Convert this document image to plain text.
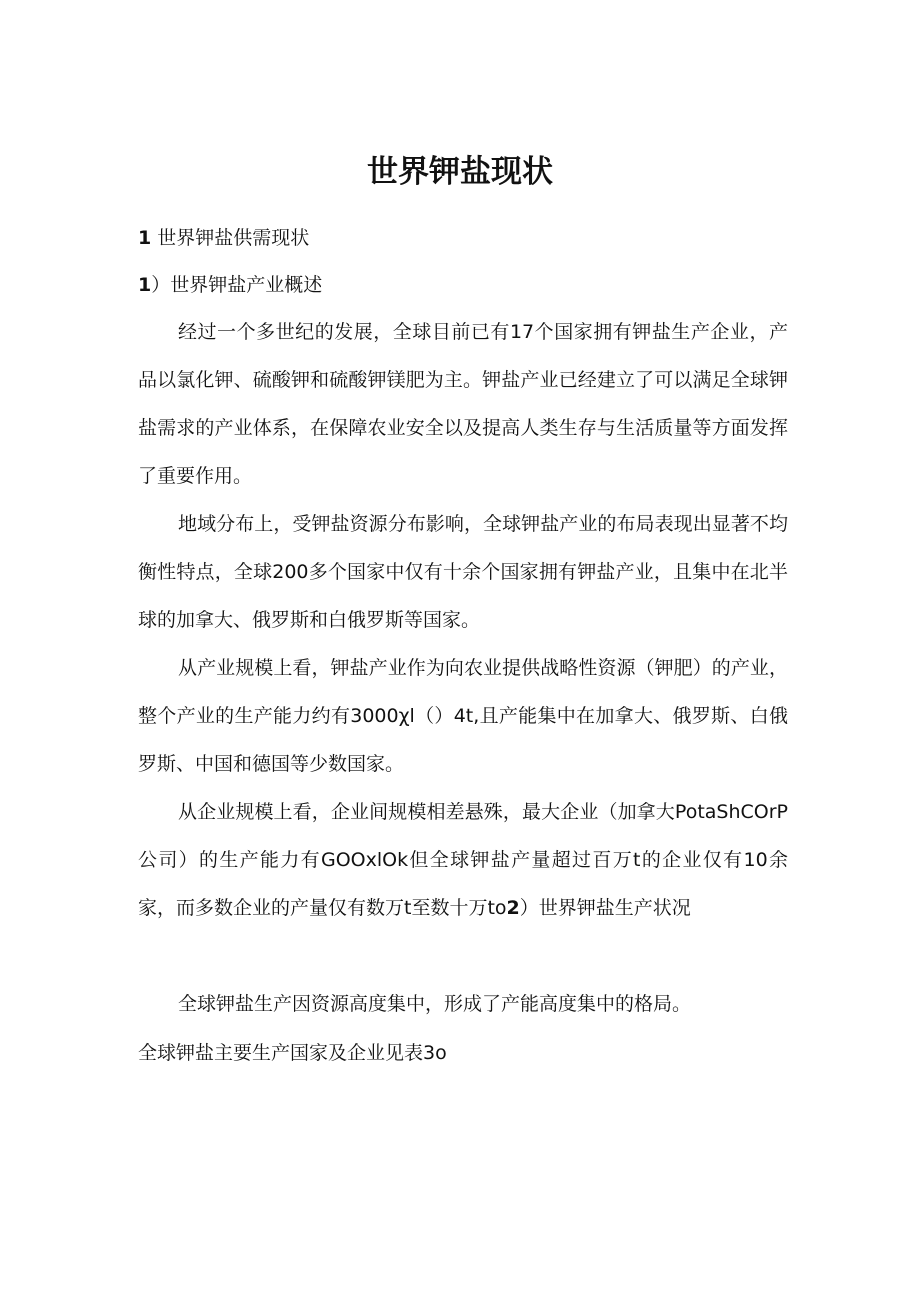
世界钾盐现状

1 世界钾盐供需现状

1）世界钾盐产业概述

经过一个多世纪的发展，全球目前已有17个国家拥有钾盐生产企业，产品以氯化钾、硫酸钾和硫酸钾镁肥为主。钾盐产业已经建立了可以满足全球钾盐需求的产业体系，在保障农业安全以及提高人类生存与生活质量等方面发挥了重要作用。

地域分布上，受钾盐资源分布影响，全球钾盐产业的布局表现出显著不均衡性特点，全球200多个国家中仅有十余个国家拥有钾盐产业，且集中在北半球的加拿大、俄罗斯和白俄罗斯等国家。

从产业规模上看，钾盐产业作为向农业提供战略性资源（钾肥）的产业，整个产业的生产能力约有3000χl（）4t,且产能集中在加拿大、俄罗斯、白俄罗斯、中国和德国等少数国家。

从企业规模上看，企业间规模相差悬殊，最大企业（加拿大PotaShCOrP公司）的生产能力有GOOxlOk但全球钾盐产量超过百万t的企业仅有10余家，而多数企业的产量仅有数万t至数十万to2）世界钾盐生产状况

全球钾盐生产因资源高度集中，形成了产能高度集中的格局。

全球钾盐主要生产国家及企业见表3o
